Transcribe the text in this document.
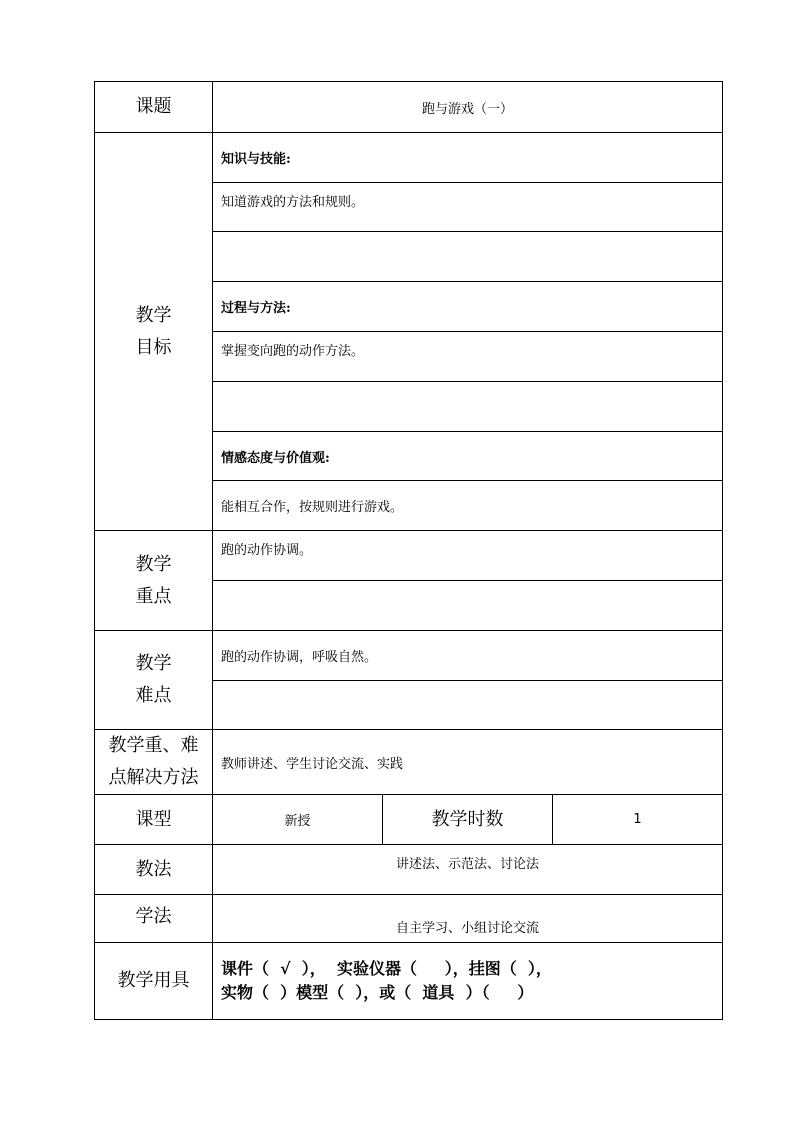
课题	跑与游戏（一）		

教学
目标	知识与技能:		
	知道游戏的方法和规则。		

	过程与方法:		
	掌握变向跑的动作方法。		

	情感态度与价值观:		
	能相互合作，按规则进行游戏。		

教学
重点	跑的动作协调。		

教学
难点	跑的动作协调，呼吸自然。		

教学重、难
点解决方法	教师讲述、学生讨论交流、实践		
课型	新授	教学时数	1
教法	讲述法、示范法、讨论法		
学法	自主学习、小组讨论交流		
教学用具	课件（  √  ），  实验仪器（     ），挂图（  ），
实物（  ）模型（  ），或（  道具  ）（     ）		
